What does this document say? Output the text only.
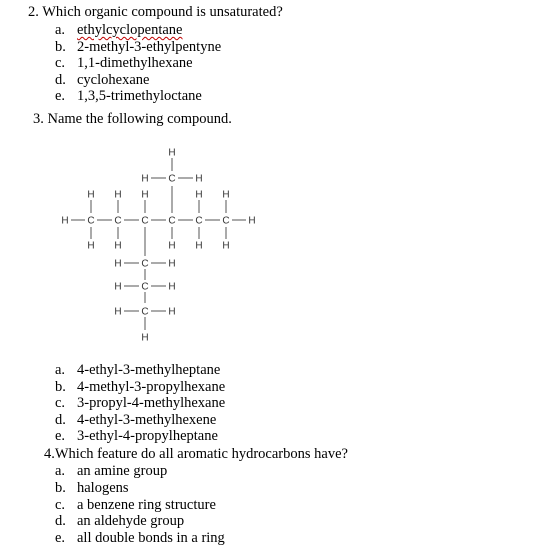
2. Which organic compound is unsaturated?
a. ethylcyclopentane
b. 2-methyl-3-ethylpentyne
c. 1,1-dimethylhexane
d. cyclohexane
e. 1,3,5-trimethyloctane
3. Name the following compound.
H	H
C C C C C C
H H H	H H
H H	H H H
C
H	H
H
C
H	H
C
H	H
C
H	H
H
a. 4-ethyl-3-methylheptane
b. 4-methyl-3-propylhexane
c. 3-propyl-4-methylhexane
d. 4-ethyl-3-methylhexene
e. 3-ethyl-4-propylheptane
4.Which feature do all aromatic hydrocarbons have?
a. an amine group
b. halogens
c. a benzene ring structure
d. an aldehyde group
e. all double bonds in a ring
